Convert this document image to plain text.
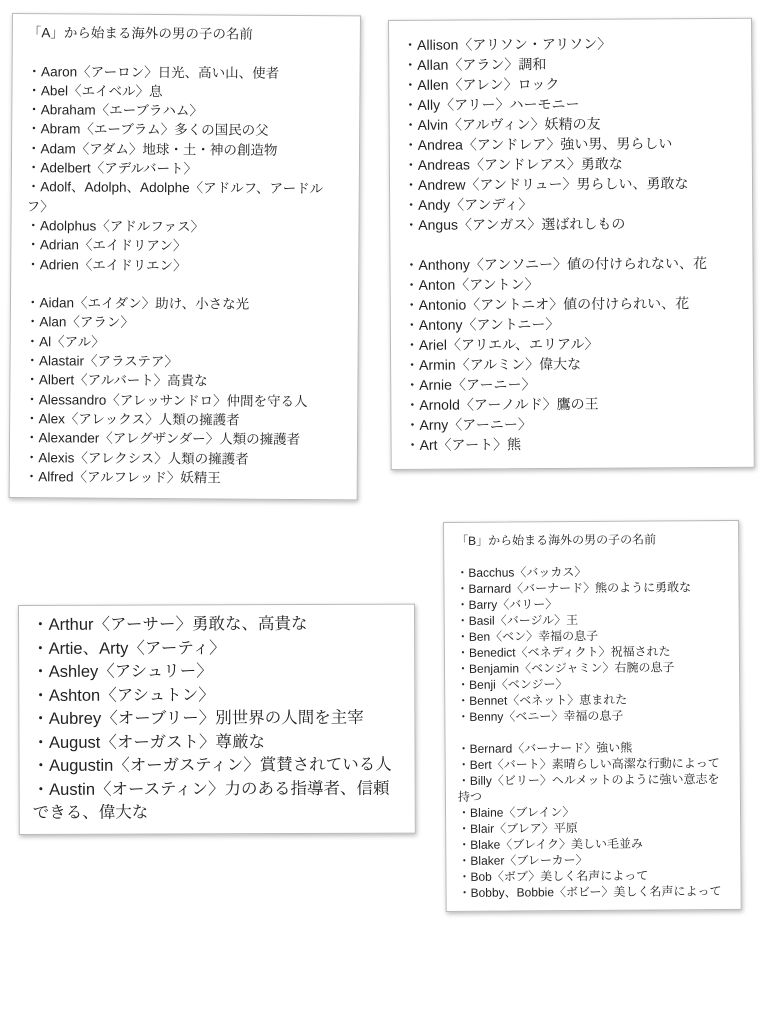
「A」から始まる海外の男の子の名前

・Aaron〈アーロン〉日光、高い山、使者

・Abel〈エイベル〉息

・Abraham〈エーブラハム〉

・Abram〈エーブラム〉多くの国民の父

・Adam〈アダム〉地球・土・神の創造物

・Adelbert〈アデルバート〉

・Adolf、Adolph、Adolphe〈アドルフ、アードルフ〉

・Adolphus〈アドルファス〉

・Adrian〈エイドリアン〉

・Adrien〈エイドリエン〉

・Aidan〈エイダン〉助け、小さな光

・Alan〈アラン〉

・Al〈アル〉

・Alastair〈アラステア〉

・Albert〈アルバート〉高貴な

・Alessandro〈アレッサンドロ〉仲間を守る人

・Alex〈アレックス〉人類の擁護者

・Alexander〈アレグザンダー〉人類の擁護者

・Alexis〈アレクシス〉人類の擁護者

・Alfred〈アルフレッド〉妖精王

・Allison〈アリソン・アリソン〉

・Allan〈アラン〉調和

・Allen〈アレン〉ロック

・Ally〈アリー〉ハーモニー

・Alvin〈アルヴィン〉妖精の友

・Andrea〈アンドレア〉強い男、男らしい

・Andreas〈アンドレアス〉勇敢な

・Andrew〈アンドリュー〉男らしい、勇敢な

・Andy〈アンディ〉

・Angus〈アンガス〉選ばれしもの

・Anthony〈アンソニー〉値の付けられない、花

・Anton〈アントン〉

・Antonio〈アントニオ〉値の付けられい、花

・Antony〈アントニー〉

・Ariel〈アリエル、エリアル〉

・Armin〈アルミン〉偉大な

・Arnie〈アーニー〉

・Arnold〈アーノルド〉鷹の王

・Arny〈アーニー〉

・Art〈アート〉熊

・Arthur〈アーサー〉勇敢な、高貴な

・Artie、Arty〈アーティ〉

・Ashley〈アシュリー〉

・Ashton〈アシュトン〉

・Aubrey〈オーブリー〉別世界の人間を主宰

・August〈オーガスト〉尊厳な

・Augustin〈オーガスティン〉賞賛されている人

・Austin〈オースティン〉力のある指導者、信頼できる、偉大な

「B」から始まる海外の男の子の名前

・Bacchus〈バッカス〉

・Barnard〈バーナード〉熊のように勇敢な

・Barry〈バリー〉

・Basil〈バージル〉王

・Ben〈ベン〉幸福の息子

・Benedict〈ベネディクト〉祝福された

・Benjamin〈ベンジャミン〉右腕の息子

・Benji〈ベンジー〉

・Bennet〈ベネット〉恵まれた

・Benny〈ベニー〉幸福の息子

・Bernard〈バーナード〉強い熊

・Bert〈バート〉素晴らしい高潔な行動によって

・Billy〈ビリー〉ヘルメットのように強い意志を持つ

・Blaine〈ブレイン〉

・Blair〈ブレア〉平原

・Blake〈ブレイク〉美しい毛並み

・Blaker〈ブレーカー〉

・Bob〈ボブ〉美しく名声によって

・Bobby、Bobbie〈ボビー〉美しく名声によって
